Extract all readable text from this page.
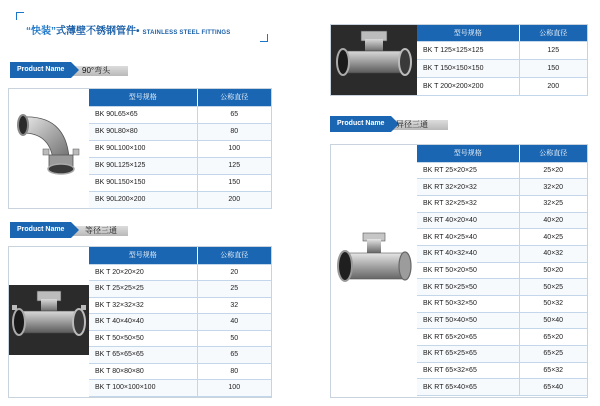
“快装”式薄壁不锈钢管件• STAINLESS STEEL FITTINGS
Product Name	90°弯头
型号规格	公称直径
BK 90L65×65	65
BK 90L80×80	80
BK 90L100×100	100
BK 90L125×125	125
BK 90L150×150	150
BK 90L200×200	200
Product Name	等径三通
型号规格	公称直径
BK T 20×20×20	20
BK T 25×25×25	25
BK T 32×32×32	32
BK T 40×40×40	40
BK T 50×50×50	50
BK T 65×65×65	65
BK T 80×80×80	80
BK T 100×100×100	100
型号规格	公称直径
BK T 125×125×125	125
BK T 150×150×150	150
BK T 200×200×200	200
Product Name	异径三通
型号规格	公称直径
BK RT 25×20×25	25×20
BK RT 32×20×32	32×20
BK RT 32×25×32	32×25
BK RT 40×20×40	40×20
BK RT 40×25×40	40×25
BK RT 40×32×40	40×32
BK RT 50×20×50	50×20
BK RT 50×25×50	50×25
BK RT 50×32×50	50×32
BK RT 50×40×50	50×40
BK RT 65×20×65	65×20
BK RT 65×25×65	65×25
BK RT 65×32×65	65×32
BK RT 65×40×65	65×40
